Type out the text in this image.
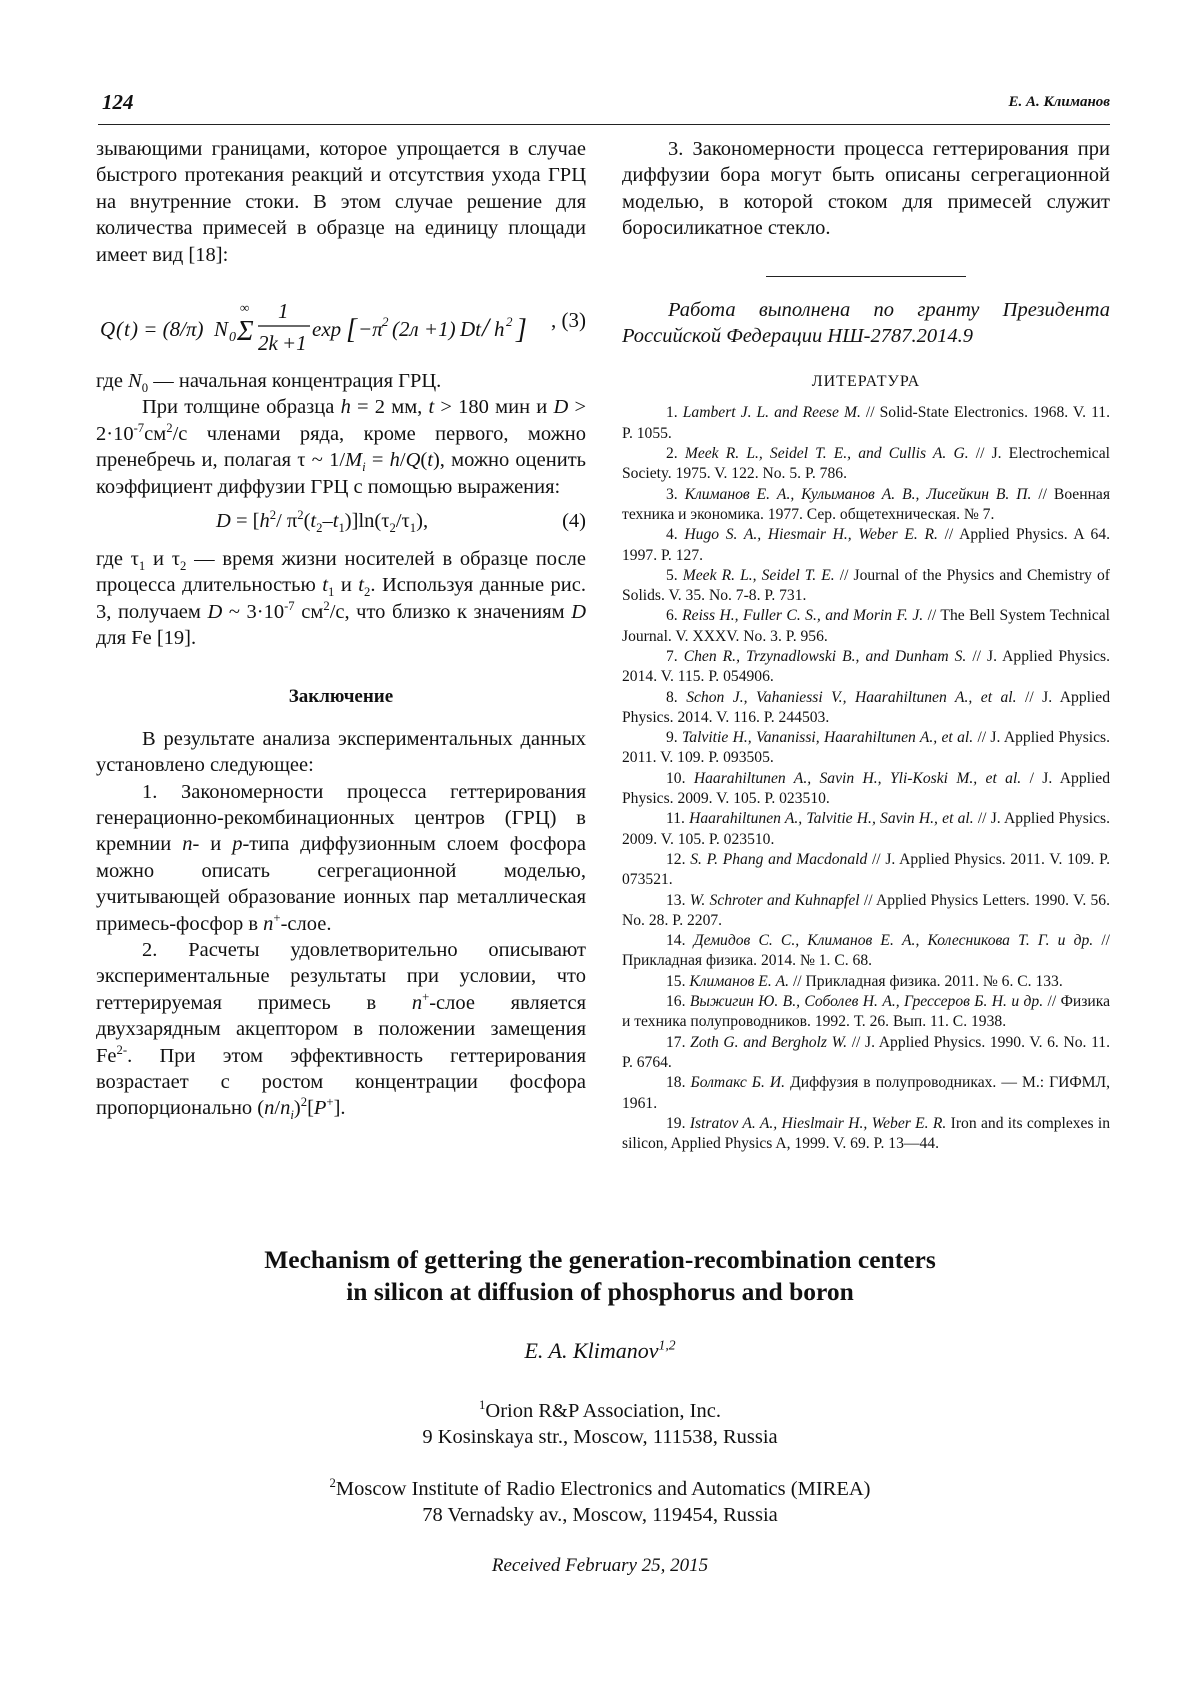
124	Е. А. Климанов

зывающими границами, которое упрощается в случае быстрого протекания реакций и отсутствия ухода ГРЦ на внутренние стоки. В этом случае решение для количества примесей в образце на единицу площади имеет вид [18]:

Q ( t ) = (8/π) N 0 Σ
∞ 1
2k +1
exp [ −π 2 (2л +1) Dt / h 2 ] , (3)

где $N_0$ — начальная концентрация ГРЦ.

При толщине образца h = 2 мм, t > 180 мин и $D > 2\cdot 10^{-7}см^2/с$ членами ряда, кроме первого, можно пренебречь и, полагая τ ~ $1/M_i = h/Q(t)$, можно оценить коэффициент диффузии ГРЦ с помощью выражения:

$D = [h^2/$ $\pi^2(t_2-t_1)]\ln(\tau_2/\tau_1)$,	(4)

где $\tau_1$ и $\tau_2$ — время жизни носителей в образце после процесса длительностью $t_1$ и $t_2$. Используя данные рис. 3, получаем D ~ $3\cdot 10^{-7}$ $см^2/с$, что близко к значениям D для Fe [19].

Заключение

В результате анализа экспериментальных данных установлено следующее:

1. Закономерности процесса геттерирования генерационно-рекомбинационных центров (ГРЦ) в кремнии n- и p-типа диффузионным слоем фосфора можно описать сегрегационной моделью, учитывающей образование ионных пар металлическая примесь-фосфор в n+-слое.

2. Расчеты удовлетворительно описывают экспериментальные результаты при условии, что геттерируемая примесь в n+-слое является двухзарядным акцептором в положении замещения $Fe^{2-}$. При этом эффективность геттерирования возрастает с ростом концентрации фосфора пропорционально $(n/n_i)^2[P^+]$.

3. Закономерности процесса геттерирования при диффузии бора могут быть описаны сегрегационной моделью, в которой стоком для примесей служит боросиликатное стекло.

Работа выполнена по гранту Президента Российской Федерации НШ-2787.2014.9

ЛИТЕРАТУРА

1. Lambert J. L. and Reese M. // Solid-State Electronics. 1968. V. 11. P. 1055.

2. Meek R. L., Seidel T. E., and Cullis A. G. // J. Electrochemical Society. 1975. V. 122. No. 5. P. 786.

3. Климанов Е. А., Кулыманов А. В., Лисейкин В. П. // Военная техника и экономика. 1977. Сер. общетехническая. № 7.

4. Hugo S. A., Hiesmair H., Weber E. R. // Applied Physics. A 64. 1997. P. 127.

5. Meek R. L., Seidel T. E. // Journal of the Physics and Chemistry of Solids. V. 35. No. 7-8. P. 731.

6. Reiss H., Fuller C. S., and Morin F. J. // The Bell System Technical Journal. V. XXXV. No. 3. P. 956.

7. Chen R., Trzynadlowski B., and Dunham S. // J. Applied Physics. 2014. V. 115. P. 054906.

8. Schon J., Vahaniessi V., Haarahiltunen A., et al. // J. Applied Physics. 2014. V. 116. P. 244503.

9. Talvitie H., Vananissi, Haarahiltunen A., et al. // J. Applied Physics. 2011. V. 109. P. 093505.

10. Haarahiltunen A., Savin H., Yli-Koski M., et al. / J. Applied Physics. 2009. V. 105. P. 023510.

11. Haarahiltunen A., Talvitie H., Savin H., et al. // J. Applied Physics. 2009. V. 105. P. 023510.

12. S. P. Phang and Macdonald // J. Applied Physics. 2011. V. 109. P. 073521.

13. W. Schroter and Kuhnapfel // Applied Physics Letters. 1990. V. 56. No. 28. P. 2207.

14. Демидов С. С., Климанов Е. А., Колесникова Т. Г. и др. // Прикладная физика. 2014. № 1. С. 68.

15. Климанов Е. А. // Прикладная физика. 2011. № 6. С. 133.

16. Выжигин Ю. В., Соболев Н. А., Грессеров Б. Н. и др. // Физика и техника полупроводников. 1992. Т. 26. Вып. 11. С. 1938.

17. Zoth G. and Bergholz W. // J. Applied Physics. 1990. V. 6. No. 11. P. 6764.

18. Болтакс Б. И. Диффузия в полупроводниках. — М.: ГИФМЛ, 1961.

19. Istratov A. A., Hieslmair H., Weber E. R. Iron and its complexes in silicon, Applied Physics A, 1999. V. 69. P. 13—44.

Mechanism of gettering the generation-recombination centers
in silicon at diffusion of phosphorus and boron
E. A. Klimanov$^{1,2}$
$^1$Orion R&P Association, Inc.
9 Kosinskaya str., Moscow, 111538, Russia
$^2$Moscow Institute of Radio Electronics and Automatics (MIREA)
78 Vernadsky av., Moscow, 119454, Russia
Received February 25, 2015
